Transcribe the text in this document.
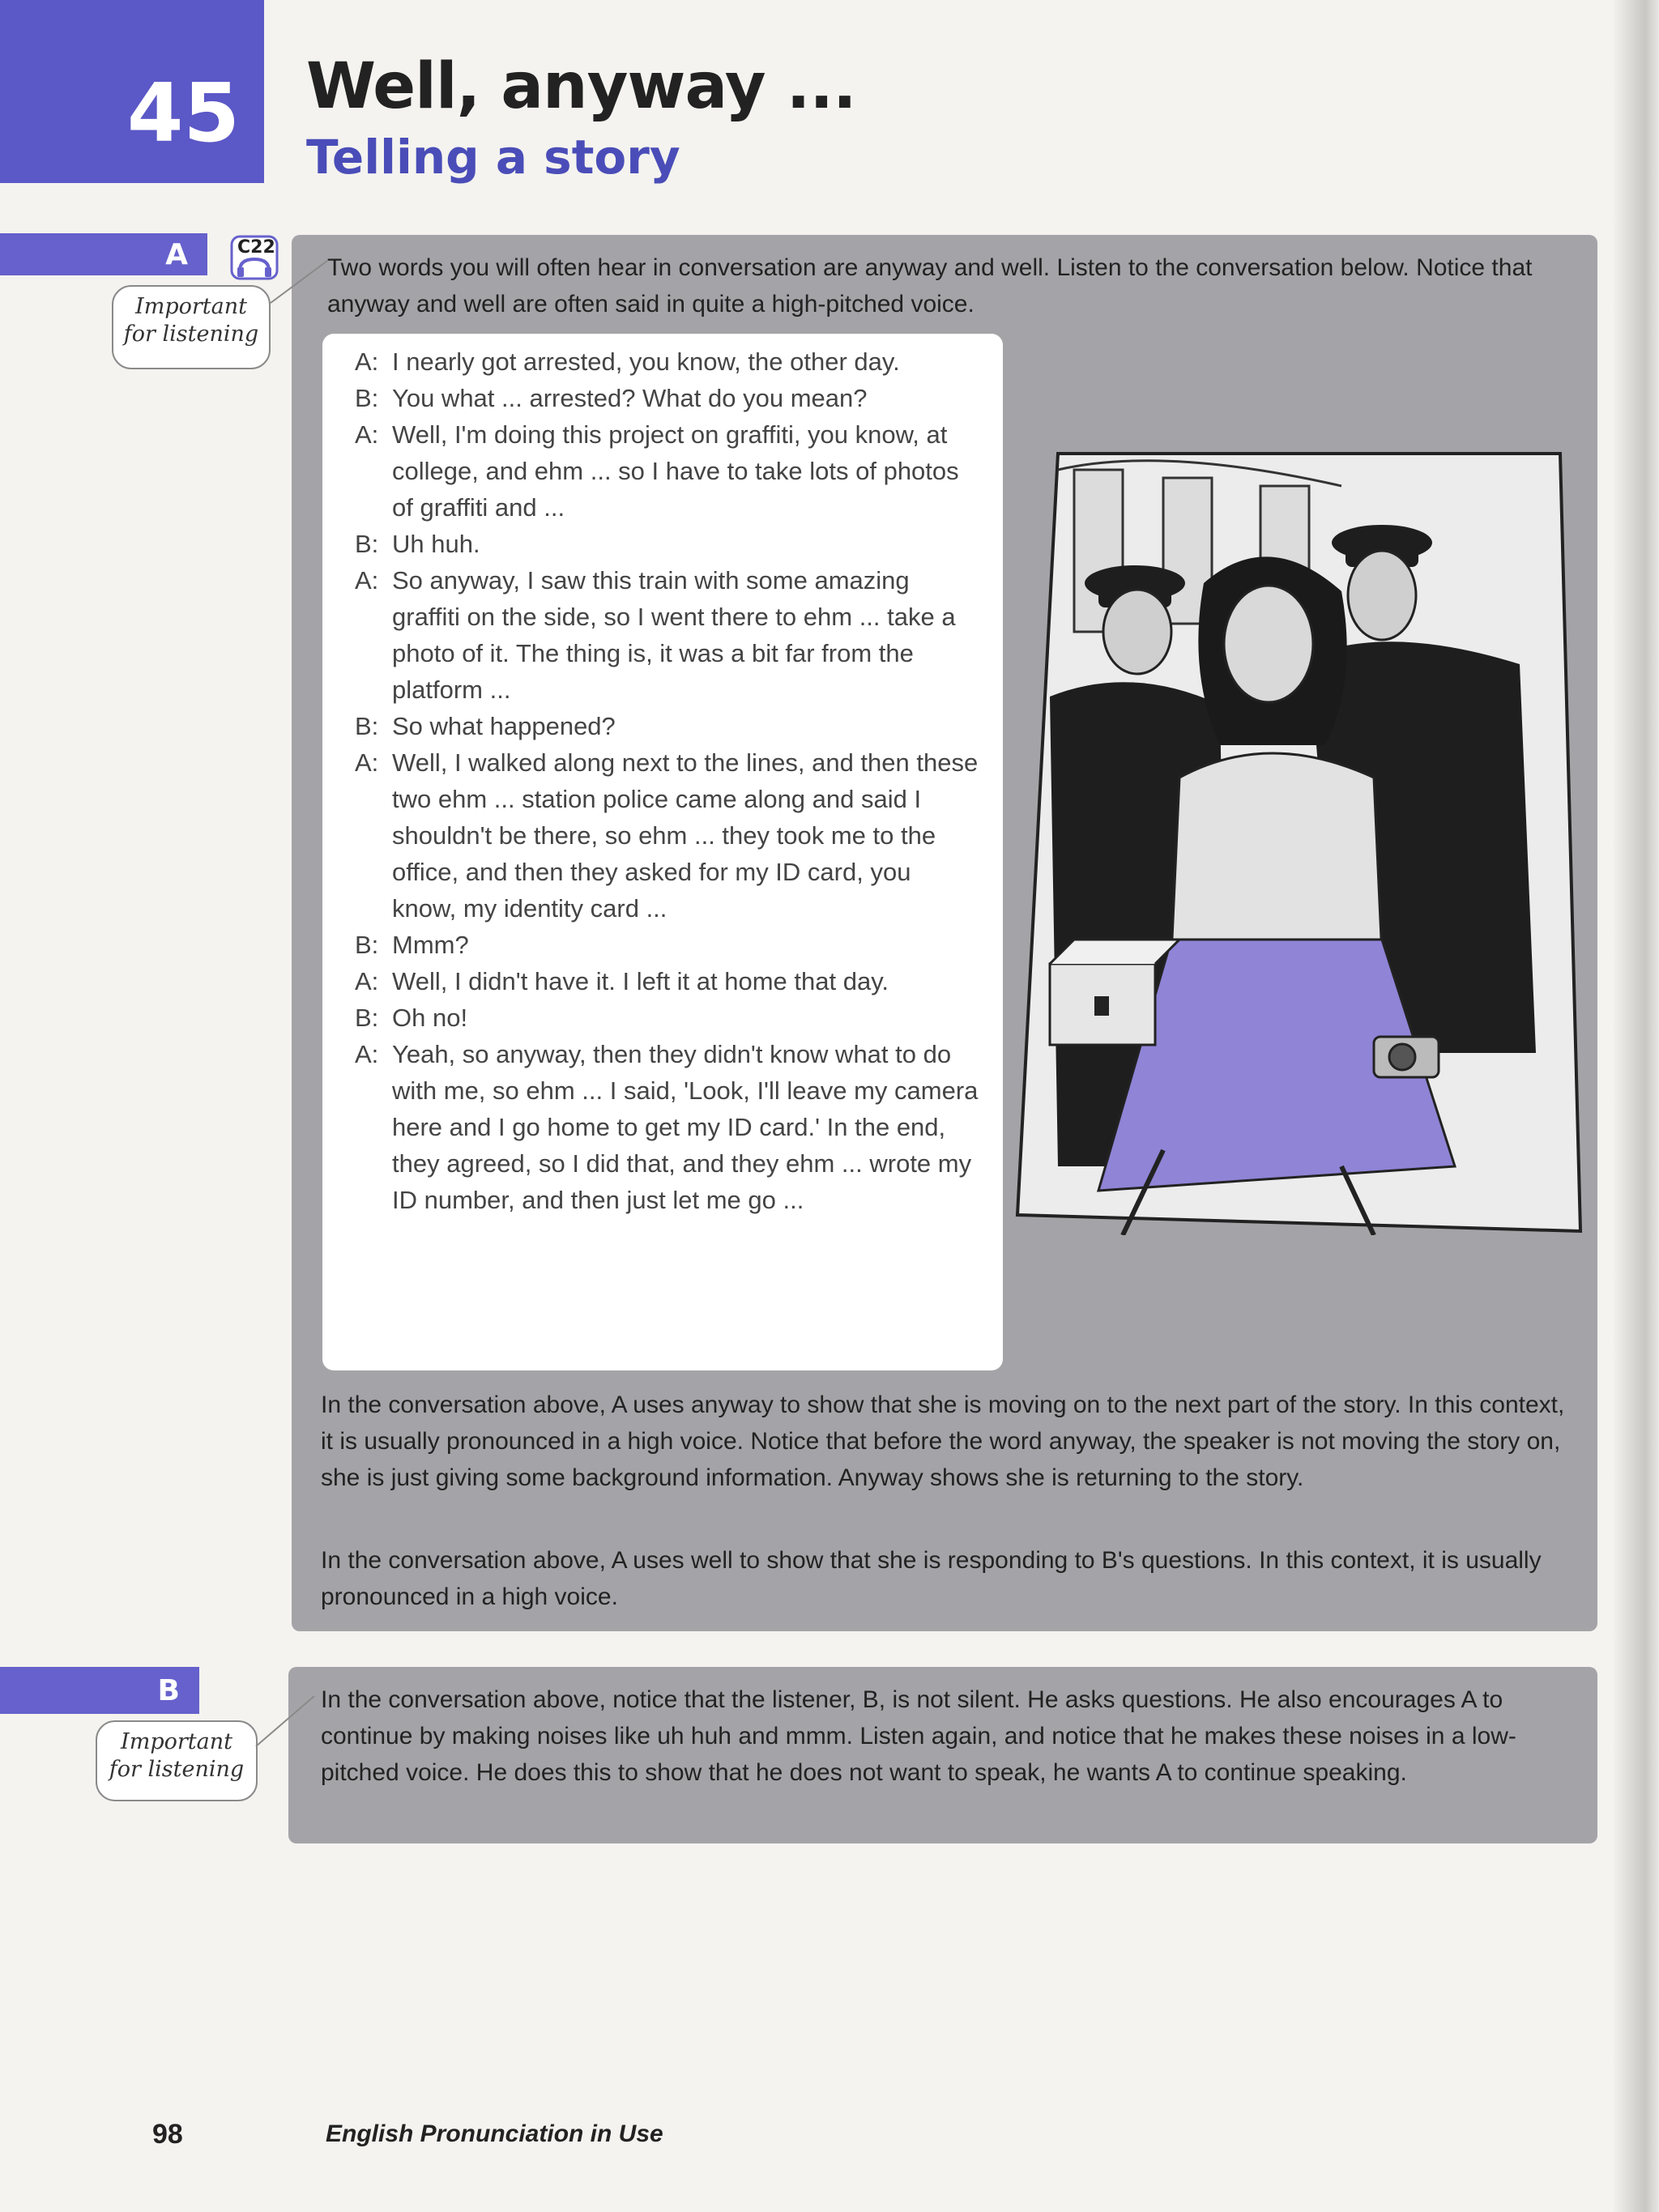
45 Well, anyway ...
Telling a story
A	C22
Important
for listening

Two words you will often hear in conversation are anyway and well. Listen to the conversation below. Notice that anyway and well are often said in quite a high-pitched voice.

A: I nearly got arrested, you know, the other day.
B: You what ... arrested? What do you mean?
A: Well, I'm doing this project on graffiti, you know, at college, and ehm ... so I have to take lots of photos of graffiti and ...
B: Uh huh.
A: So anyway, I saw this train with some amazing graffiti on the side, so I went there to ehm ... take a photo of it. The thing is, it was a bit far from the platform ...
B: So what happened?
A: Well, I walked along next to the lines, and then these two ehm ... station police came along and said I shouldn't be there, so ehm ... they took me to the office, and then they asked for my ID card, you know, my identity card ...
B: Mmm?
A: Well, I didn't have it. I left it at home that day.
B: Oh no!
A: Yeah, so anyway, then they didn't know what to do with me, so ehm ... I said, 'Look, I'll leave my camera here and I go home to get my ID card.' In the end, they agreed, so I did that, and they ehm ... wrote my ID number, and then just let me go ...

In the conversation above, A uses anyway to show that she is moving on to the next part of the story. In this context, it is usually pronounced in a high voice. Notice that before the word anyway, the speaker is not moving the story on, she is just giving some background information. Anyway shows she is returning to the story.

In the conversation above, A uses well to show that she is responding to B's questions. In this context, it is usually pronounced in a high voice.

B
Important
for listening

In the conversation above, notice that the listener, B, is not silent. He asks questions. He also encourages A to continue by making noises like uh huh and mmm. Listen again, and notice that he makes these noises in a low-pitched voice. He does this to show that he does not want to speak, he wants A to continue speaking.

98	English Pronunciation in Use
